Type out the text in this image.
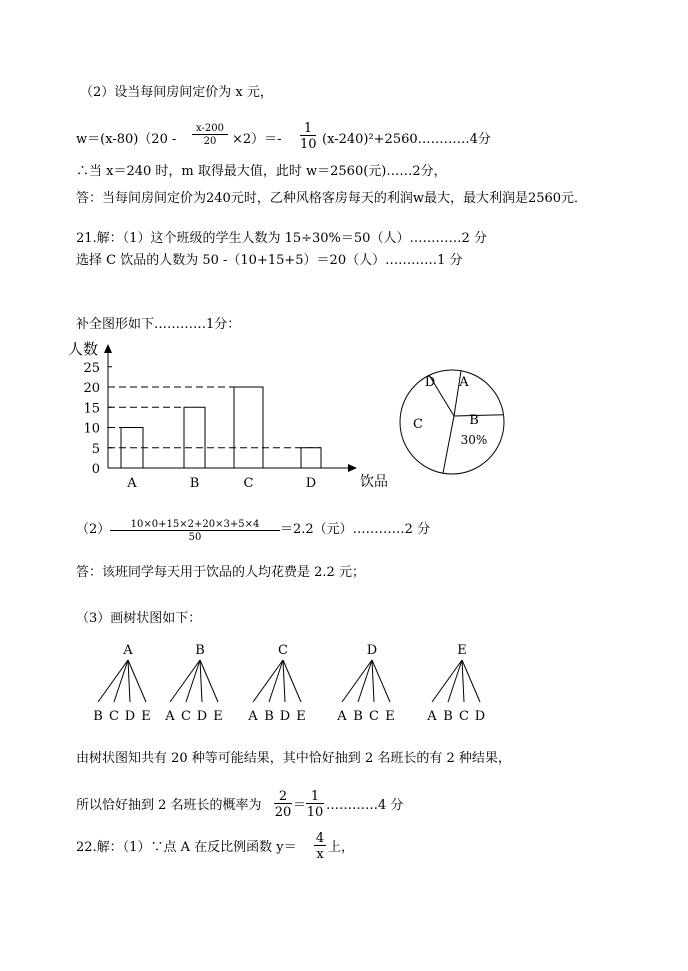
（2）设当每间房间定价为 x 元，
$w=(x-80)(20 - \frac{x-200}{20} \times 2)=- \frac{1}{10}$ (x-240)²+2560…………4分
∴当 x＝240 时，m 取得最大值，此时 w＝2560(元)……2分，
答：当每间房间定价为240元时，乙种风格客房每天的利润w最大，最大利润是2560元．
21.解：（1）这个班级的学生人数为 15÷30%＝50（人）…………2 分
选择 C 饮品的人数为 50 -（10+15+5）＝20（人）…………1 分
补全图形如下…………1分：
人数
饮品
0
5
10
15
20
25
A	B	C	D
A
B
C
D
30%
$(2) \frac{10\times 0+15\times 2+20\times 3+5\times 4}{50} =2.2$（元）…………2 分
答：该班同学每天用于饮品的人均花费是 2.2 元；
（3）画树状图如下：
A
B C D E
B
A C D E
C
A B D E
D
A B C E
E
A B C D
由树状图知共有 20 种等可能结果，其中恰好抽到 2 名班长的有 2 种结果，
所以恰好抽到 2 名班长的概率为 $\frac{2}{20} = \frac{1}{10}$ …………4 分
22.解：（1）∵点 A 在反比例函数 $y= \frac{4}{x}$ 上，
